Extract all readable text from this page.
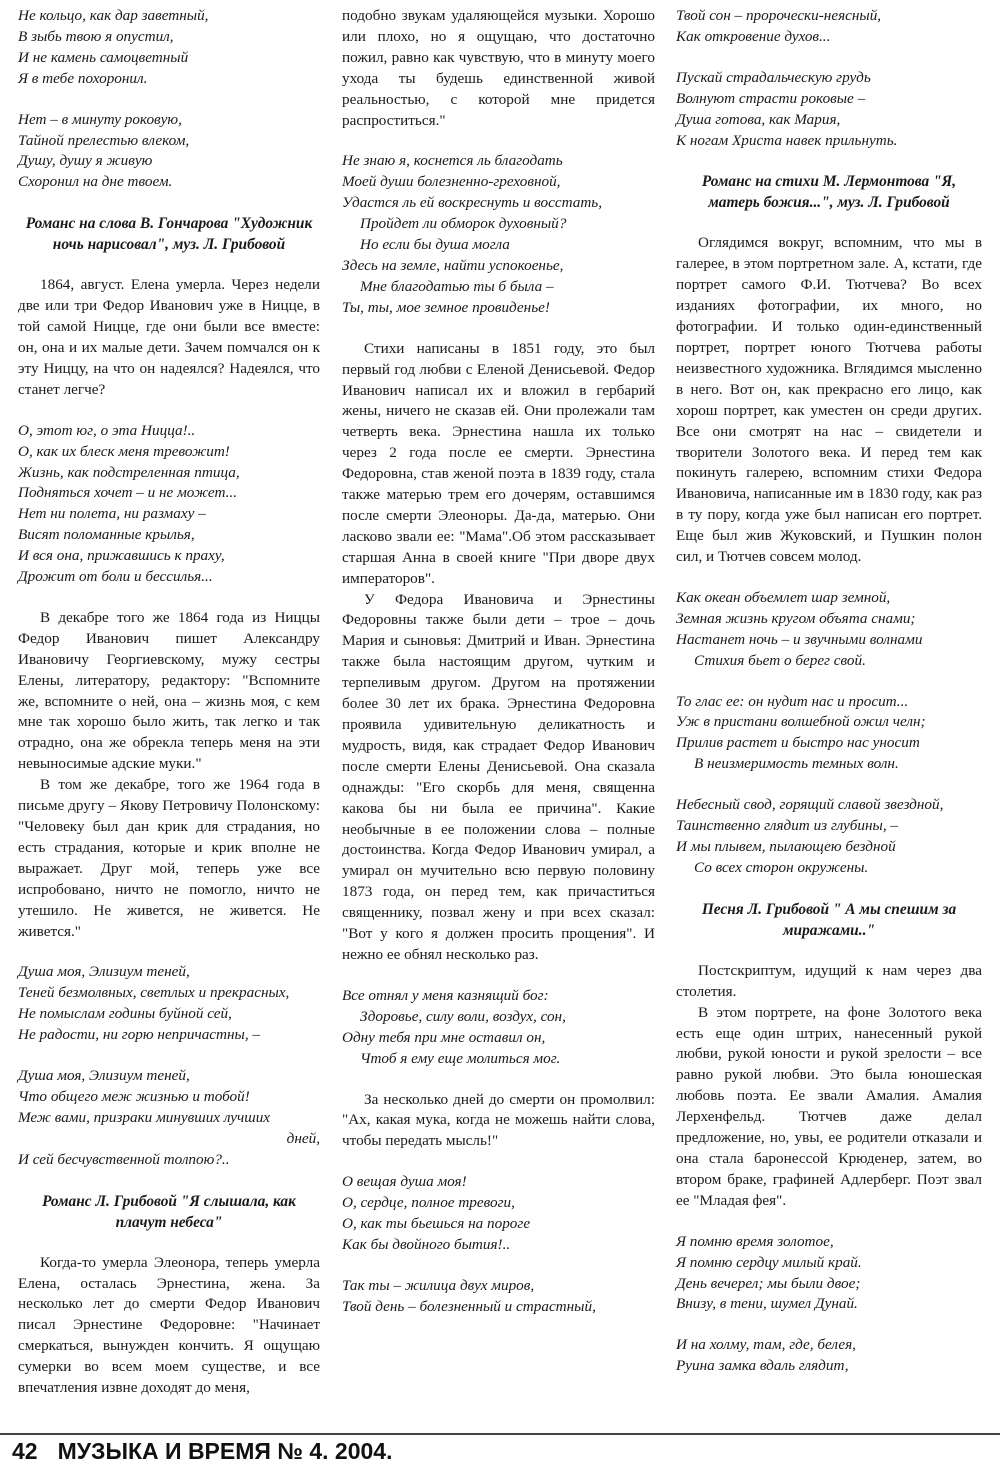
Не кольцо, как дар заветный,
В зыбь твою я опустил,
И не камень самоцветный
Я в тебе похоронил.
Нет – в минуту роковую,
Тайной прелестью влеком,
Душу, душу я живую
Схоронил на дне твоем.

Романс на слова В. Гончарова "Художник ночь нарисовал", муз. Л. Грибовой

1864, август. Елена умерла. Через недели две или три Федор Иванович уже в Ницце, в той самой Ницце, где они были все вместе: он, она и их малые дети. Зачем помчался он к эту Ниццу, на что он надеялся? Надеялся, что станет легче?

О, этот юг, о эта Ницца!..
О, как их блеск меня тревожит!
Жизнь, как подстреленная птица,
Подняться хочет – и не может...
Нет ни полета, ни размаху –
Висят поломанные крылья,
И вся она, прижавшись к праху,
Дрожит от боли и бессилья...

В декабре того же 1864 года из Ниццы Федор Иванович пишет Александру Ивановичу Георгиевскому, мужу сестры Елены, литератору, редактору: "Вспомните же, вспомните о ней, она – жизнь моя, с кем мне так хорошо было жить, так легко и так отрадно, она же обрекла теперь меня на эти невыносимые адские муки."

В том же декабре, того же 1964 года в письме другу – Якову Петровичу Полонскому: "Человеку был дан крик для страдания, но есть страдания, которые и крик вполне не выражает. Друг мой, теперь уже все испробовано, ничто не помогло, ничто не утешило. Не живется, не живется. Не живется."

Душа моя, Элизиум теней,
Теней безмолвных, светлых и прекрасных,
Не помыслам годины буйной сей,
Не радости, ни горю непричастны, –
Душа моя, Элизиум теней,
Что общего меж жизнью и тобой!
Меж вами, призраки минувших лучших
дней,
И сей бесчувственной толпою?..

Романс Л. Грибовой "Я слышала, как плачут небеса"

Когда-то умерла Элеонора, теперь умерла Елена, осталась Эрнестина, жена. За несколько лет до смерти Федор Иванович писал Эрнестине Федоровне: "Начинает смеркаться, вынужден кончить. Я ощущаю сумерки во всем моем существе, и все впечатления извне доходят до меня,

подобно звукам удаляющейся музыки. Хорошо или плохо, но я ощущаю, что достаточно пожил, равно как чувствую, что в минуту моего ухода ты будешь единственной живой реальностью, с которой мне придется распроститься."

Не знаю я, коснется ль благодать
Моей души болезненно-греховной,
Удастся ль ей воскреснуть и восстать,
Пройдет ли обморок духовный?
Но если бы душа могла
Здесь на земле, найти успокоенье,
Мне благодатью ты б была –
Ты, ты, мое земное провиденье!

Стихи написаны в 1851 году, это был первый год любви с Еленой Денисьевой. Федор Иванович написал их и вложил в гербарий жены, ничего не сказав ей. Они пролежали там четверть века. Эрнестина нашла их только через 2 года после ее смерти. Эрнестина Федоровна, став женой поэта в 1839 году, стала также матерью трем его дочерям, оставшимся после смерти Элеоноры. Да-да, матерью. Они ласково звали ее: "Мама".Об этом рассказывает старшая Анна в своей книге "При дворе двух императоров".

У Федора Ивановича и Эрнестины Федоровны также были дети – трое – дочь Мария и сыновья: Дмитрий и Иван. Эрнестина также была настоящим другом, чутким и терпеливым другом. Другом на протяжении более 30 лет их брака. Эрнестина Федоровна проявила удивительную деликатность и мудрость, видя, как страдает Федор Иванович после смерти Елены Денисьевой. Она сказала однажды: "Его скорбь для меня, священна какова бы ни была ее причина". Какие необычные в ее положении слова – полные достоинства. Когда Федор Иванович умирал, а умирал он мучительно всю первую половину 1873 года, он перед тем, как причаститься священнику, позвал жену и при всех сказал: "Вот у кого я должен просить прощения". И нежно ее обнял несколько раз.

Все отнял у меня казнящий бог:
Здоровье, силу воли, воздух, сон,
Одну тебя при мне оставил он,
Чтоб я ему еще молиться мог.

За несколько дней до смерти он промолвил: "Ах, какая мука, когда не можешь найти слова, чтобы передать мысль!"

О вещая душа моя!
О, сердце, полное тревоги,
О, как ты бьешься на пороге
Как бы двойного бытия!..
Так ты – жилица двух миров,
Твой день – болезненный и страстный,
Твой сон – пророчески-неясный,
Как откровение духов...
Пускай страдальческую грудь
Волнуют страсти роковые –
Душа готова, как Мария,
К ногам Христа навек прильнуть.

Романс на стихи М. Лермонтова "Я, матерь божия...", муз. Л. Грибовой

Оглядимся вокруг, вспомним, что мы в галерее, в этом портретном зале. А, кстати, где портрет самого Ф.И. Тютчева? Во всех изданиях фотографии, их много, но фотографии. И только один-единственный портрет, портрет юного Тютчева работы неизвестного художника. Вглядимся мысленно в него. Вот он, как прекрасно его лицо, как хорош портрет, как уместен он среди других. Все они смотрят на нас – свидетели и творители Золотого века. И перед тем как покинуть галерею, вспомним стихи Федора Ивановича, написанные им в 1830 году, как раз в ту пору, когда уже был написан его портрет. Еще был жив Жуковский, и Пушкин полон сил, и Тютчев совсем молод.

Как океан объемлет шар земной,
Земная жизнь кругом объята снами;
Настанет ночь – и звучными волнами
Стихия бьет о берег свой.
То глас ее: он нудит нас и просит...
Уж в пристани волшебной ожил челн;
Прилив растет и быстро нас уносит
В неизмеримость темных волн.
Небесный свод, горящий славой звездной,
Таинственно глядит из глубины, –
И мы плывем, пылающею бездной
Со всех сторон окружены.

Песня Л. Грибовой " А мы спешим за миражами.."

Постскриптум, идущий к нам через два столетия.

В этом портрете, на фоне Золотого века есть еще один штрих, нанесенный рукой любви, рукой юности и рукой зрелости – все равно рукой любви. Это была юношеская любовь поэта. Ее звали Амалия. Амалия Лерхенфельд. Тютчев даже делал предложение, но, увы, ее родители отказали и она стала баронессой Крюденер, затем, во втором браке, графиней Адлерберг. Поэт звал ее "Младая фея".

Я помню время золотое,
Я помню сердцу милый край.
День вечерел; мы были двое;
Внизу, в тени, шумел Дунай.
И на холму, там, где, белея,
Руина замка вдаль глядит,
42 МУЗЫКА И ВРЕМЯ № 4. 2004.
